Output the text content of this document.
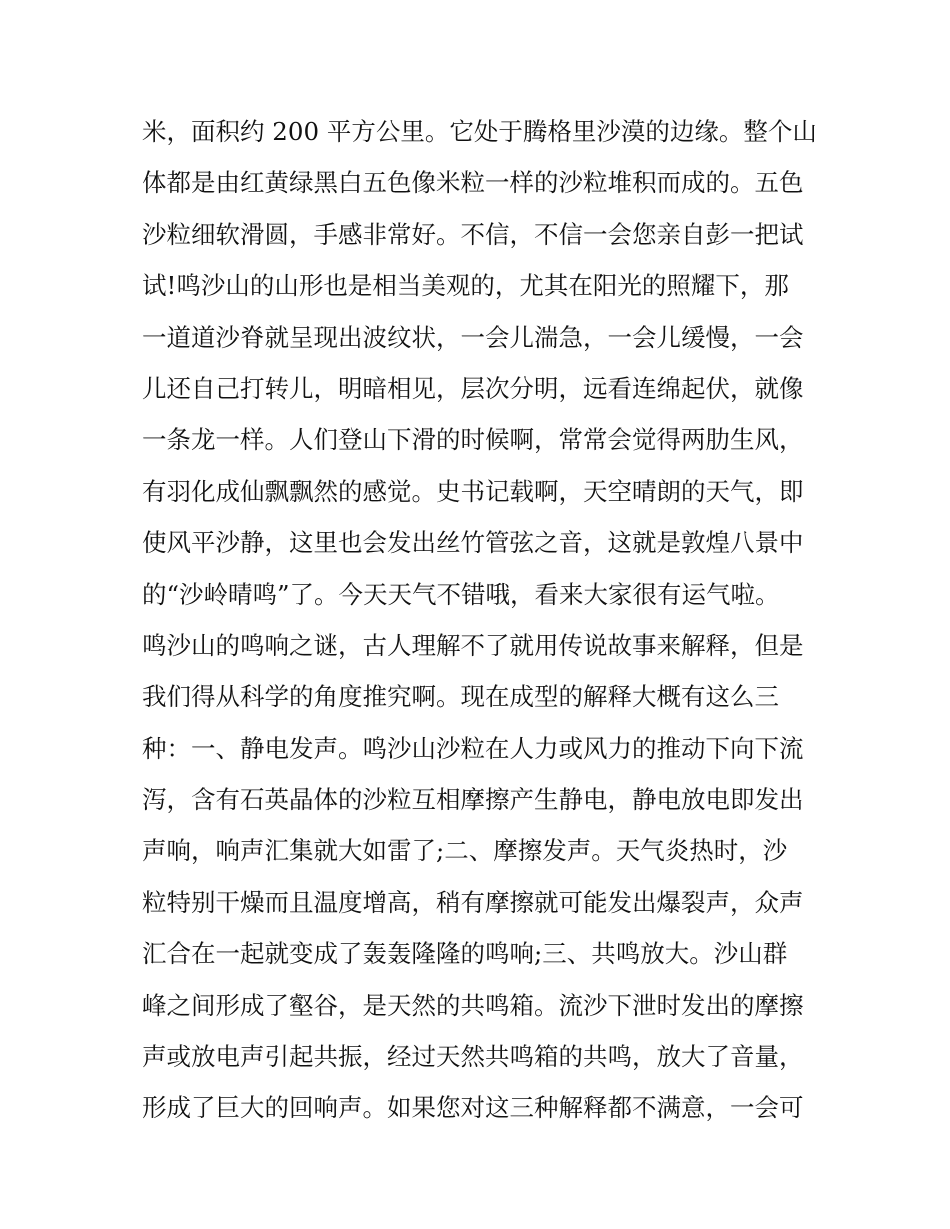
米，面积约 200 平方公里。它处于腾格里沙漠的边缘。整个山
体都是由红黄绿黑白五色像米粒一样的沙粒堆积而成的。五色
沙粒细软滑圆，手感非常好。不信，不信一会您亲自彭一把试
试!鸣沙山的山形也是相当美观的，尤其在阳光的照耀下，那
一道道沙脊就呈现出波纹状，一会儿湍急，一会儿缓慢，一会
儿还自己打转儿，明暗相见，层次分明，远看连绵起伏，就像
一条龙一样。人们登山下滑的时候啊，常常会觉得两肋生风，
有羽化成仙飘飘然的感觉。史书记载啊，天空晴朗的天气，即
使风平沙静，这里也会发出丝竹管弦之音，这就是敦煌八景中
的“沙岭晴鸣”了。今天天气不错哦，看来大家很有运气啦。
鸣沙山的鸣响之谜，古人理解不了就用传说故事来解释，但是
我们得从科学的角度推究啊。现在成型的解释大概有这么三
种：一、静电发声。鸣沙山沙粒在人力或风力的推动下向下流
泻，含有石英晶体的沙粒互相摩擦产生静电，静电放电即发出
声响，响声汇集就大如雷了;二、摩擦发声。天气炎热时，沙
粒特别干燥而且温度增高，稍有摩擦就可能发出爆裂声，众声
汇合在一起就变成了轰轰隆隆的鸣响;三、共鸣放大。沙山群
峰之间形成了壑谷，是天然的共鸣箱。流沙下泄时发出的摩擦
声或放电声引起共振，经过天然共鸣箱的共鸣，放大了音量，
形成了巨大的回响声。如果您对这三种解释都不满意，一会可
